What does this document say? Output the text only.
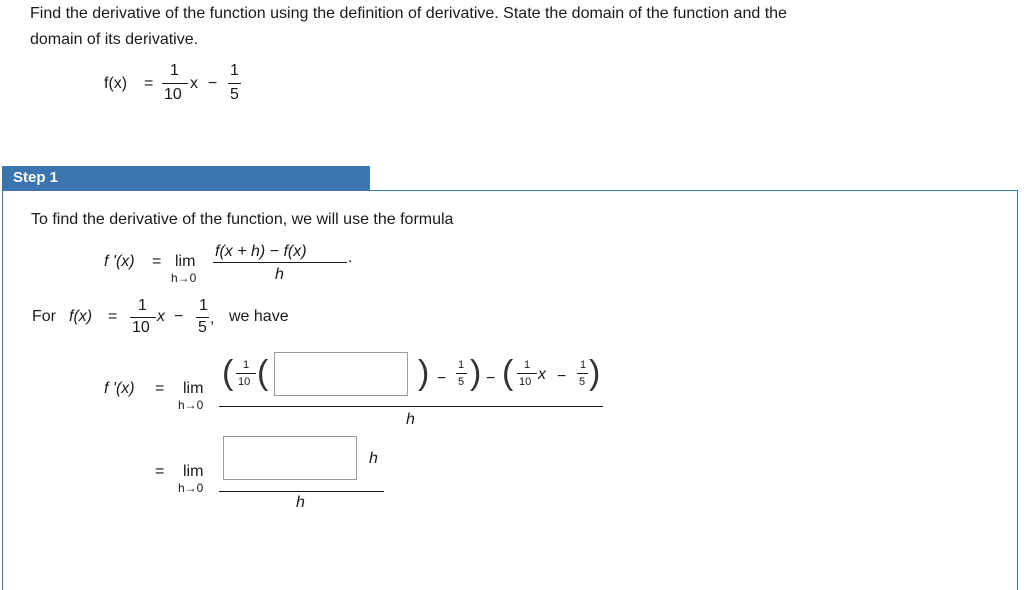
Find the derivative of the function using the definition of derivative. State the domain of the function and the
domain of its derivative.
f(x) =
1
10
x −
1
5
Step 1
To find the derivative of the function, we will use the formula
f '(x) = lim
h→0
f(x + h) − f(x)
h
.
For f(x) =
1
10
x −
1
5
, we have
f '(x) = lim
h→0
( 1
10 (	) −
1
5 ) − ( 1
10 x −
1
5 )
h
= lim
h→0
h
h
